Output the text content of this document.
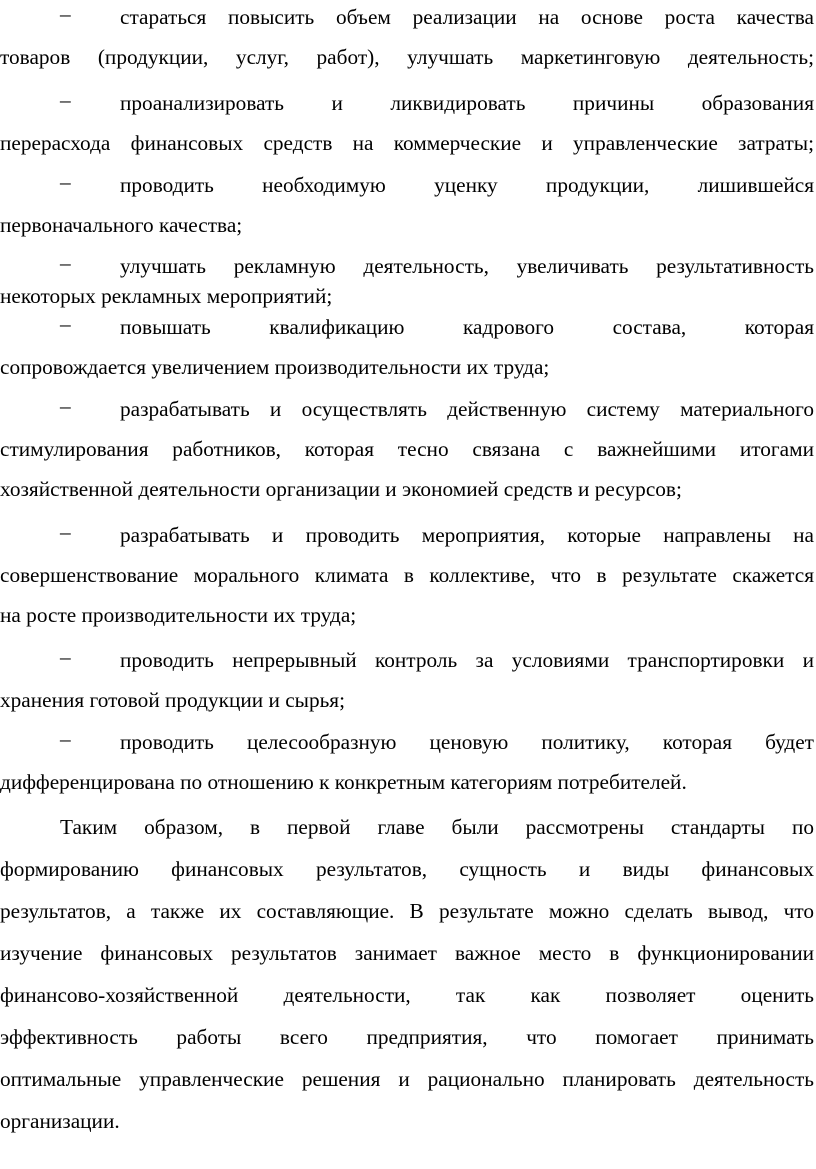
–	стараться повысить объем реализации на основе роста качества
товаров (продукции, услуг, работ), улучшать маркетинговую деятельность;
–	проанализировать и ликвидировать причины образования
перерасхода финансовых средств на коммерческие и управленческие затраты;
–	проводить необходимую уценку продукции, лишившейся
первоначального качества;
–	улучшать рекламную деятельность, увеличивать результативность
некоторых рекламных мероприятий;
–	повышать квалификацию кадрового состава, которая
сопровождается увеличением производительности их труда;
–	разрабатывать и осуществлять действенную систему материального
стимулирования работников, которая тесно связана с важнейшими итогами
хозяйственной деятельности организации и экономией средств и ресурсов;
–	разрабатывать и проводить мероприятия, которые направлены на
совершенствование морального климата в коллективе, что в результате скажется
на росте производительности их труда;
–	проводить непрерывный контроль за условиями транспортировки и
хранения готовой продукции и сырья;
–	проводить целесообразную ценовую политику, которая будет
дифференцирована по отношению к конкретным категориям потребителей.
Таким образом, в первой главе были рассмотрены стандарты по
формированию финансовых результатов, сущность и виды финансовых
результатов, а также их составляющие. В результате можно сделать вывод, что
изучение финансовых результатов занимает важное место в функционировании
финансово-хозяйственной деятельности, так как позволяет оценить
эффективность работы всего предприятия, что помогает принимать
оптимальные управленческие решения и рационально планировать деятельность
организации.
